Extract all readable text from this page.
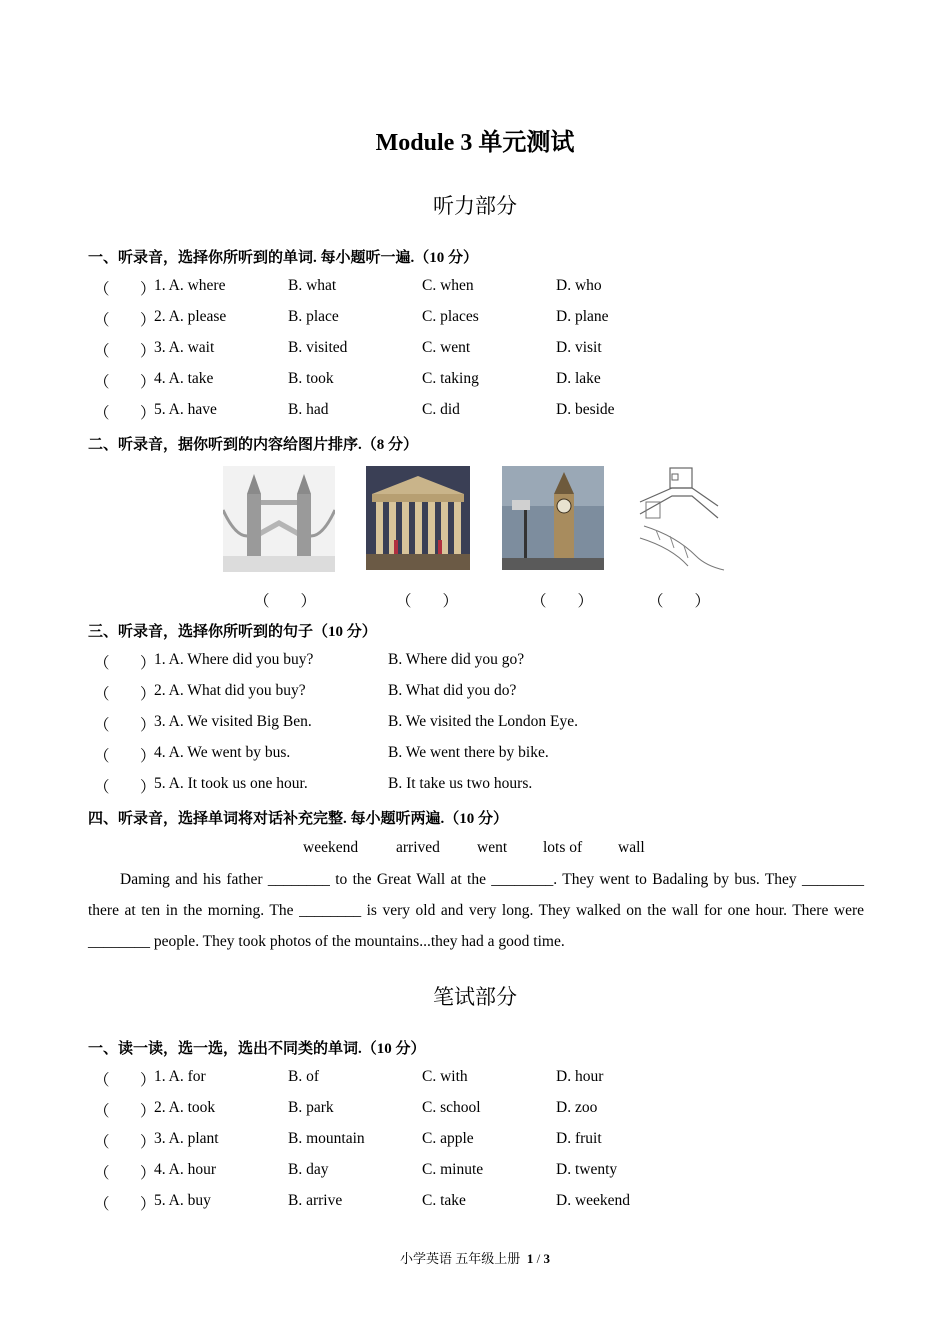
Module 3 单元测试
听力部分
一、听录音，选择你所听到的单词. 每小题听一遍.（10 分）
（ ）
1. A. where	B. what	C. when	D. who
（ ）
2. A. please	B. place	C. places	D. plane
（ ）
3. A. wait	B. visited	C. went	D. visit
（ ）
4. A. take	B. took	C. taking	D. lake
（ ）
5. A. have	B. had	C. did	D. beside
二、听录音，据你听到的内容给图片排序.（8 分）
（　　）	（　　）	（　　）	（　　）
三、听录音，选择你所听到的句子（10 分）
（ ）
1. A. Where did you buy?	B. Where did you go?
（ ）
2. A. What did you buy?	B. What did you do?
（ ）
3. A. We visited Big Ben.	B. We visited the London Eye.
（ ）
4. A. We went by bus.	B. We went there by bike.
（ ）
5. A. It took us one hour.	B. It take us two hours.
四、听录音，选择单词将对话补充完整. 每小题听两遍.（10 分）
weekend arrived went lots of wall
Daming and his father ________ to the Great Wall at the ________. They went to Badaling by bus. They ________ there at ten in the morning. The ________ is very old and very long. They walked on the wall for one hour. There were ________ people. They took photos of the mountains...they had a good time.
笔试部分
一、读一读，选一选，选出不同类的单词.（10 分）
（ ）
1. A. for	B. of	C. with	D. hour
（ ）
2. A. took	B. park	C. school	D. zoo
（ ）
3. A. plant	B. mountain	C. apple	D. fruit
（ ）
4. A. hour	B. day	C. minute	D. twenty
（ ）
5. A. buy	B. arrive	C. take	D. weekend
小学英语 五年级上册 1 / 3
